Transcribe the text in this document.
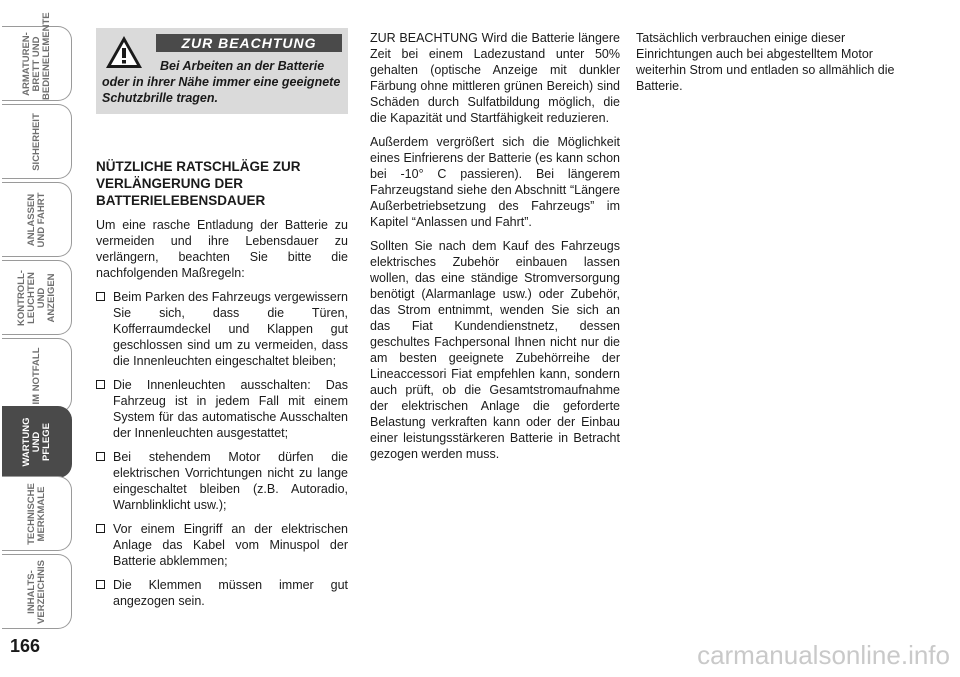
ARMATUREN-
BRETT UND
BEDIENELEMENTE
SICHERHEIT
ANLASSEN
UND FAHRT
KONTROLL-
LEUCHTEN UND
ANZEIGEN
IM NOTFALL
WARTUNG UND
PFLEGE
TECHNISCHE
MERKMALE
INHALTS-
VERZEICHNIS
166
ZUR BEACHTUNG
Bei Arbeiten an der Batterie oder in ihrer Nähe immer eine geeignete Schutzbrille tragen.
NÜTZLICHE RATSCHLÄGE ZUR VERLÄNGERUNG DER BATTERIELEBENSDAUER

Um eine rasche Entladung der Batterie zu vermeiden und ihre Lebensdauer zu verlängern, beachten Sie bitte die nachfolgenden Maßregeln:

Beim Parken des Fahrzeugs vergewissern Sie sich, dass die Türen, Kofferraumdeckel und Klappen gut geschlossen sind um zu vermeiden, dass die Innenleuchten eingeschaltet bleiben;
Die Innenleuchten ausschalten: Das Fahrzeug ist in jedem Fall mit einem System für das automatische Ausschalten der Innenleuchten ausgestattet;
Bei stehendem Motor dürfen die elektrischen Vorrichtungen nicht zu lange eingeschaltet bleiben (z.B. Autoradio, Warnblinklicht usw.);
Vor einem Eingriff an der elektrischen Anlage das Kabel vom Minuspol der Batterie abklemmen;
Die Klemmen müssen immer gut angezogen sein.

ZUR BEACHTUNG Wird die Batterie längere Zeit bei einem Ladezustand unter 50% gehalten (optische Anzeige mit dunkler Färbung ohne mittleren grünen Bereich) sind Schäden durch Sulfatbildung möglich, die die Kapazität und Startfähigkeit reduzieren.

Außerdem vergrößert sich die Möglichkeit eines Einfrierens der Batterie (es kann schon bei -10° C passieren). Bei längerem Fahrzeugstand siehe den Abschnitt “Längere Außerbetriebsetzung des Fahrzeugs” im Kapitel “Anlassen und Fahrt”.

Sollten Sie nach dem Kauf des Fahrzeugs elektrisches Zubehör einbauen lassen wollen, das eine ständige Stromversorgung benötigt (Alarmanlage usw.) oder Zubehör, das Strom entnimmt, wenden Sie sich an das Fiat Kundendienstnetz, dessen geschultes Fachpersonal Ihnen nicht nur die am besten geeignete Zubehörreihe der Lineaccessori Fiat empfehlen kann, sondern auch prüft, ob die Gesamtstromaufnahme der elektrischen Anlage die geforderte Belastung verkraften kann oder der Einbau einer leistungsstärkeren Batterie in Betracht gezogen werden muss.

Tatsächlich verbrauchen einige dieser Einrichtungen auch bei abgestelltem Motor weiterhin Strom und entladen so allmählich die Batterie.

carmanualsonline.info
